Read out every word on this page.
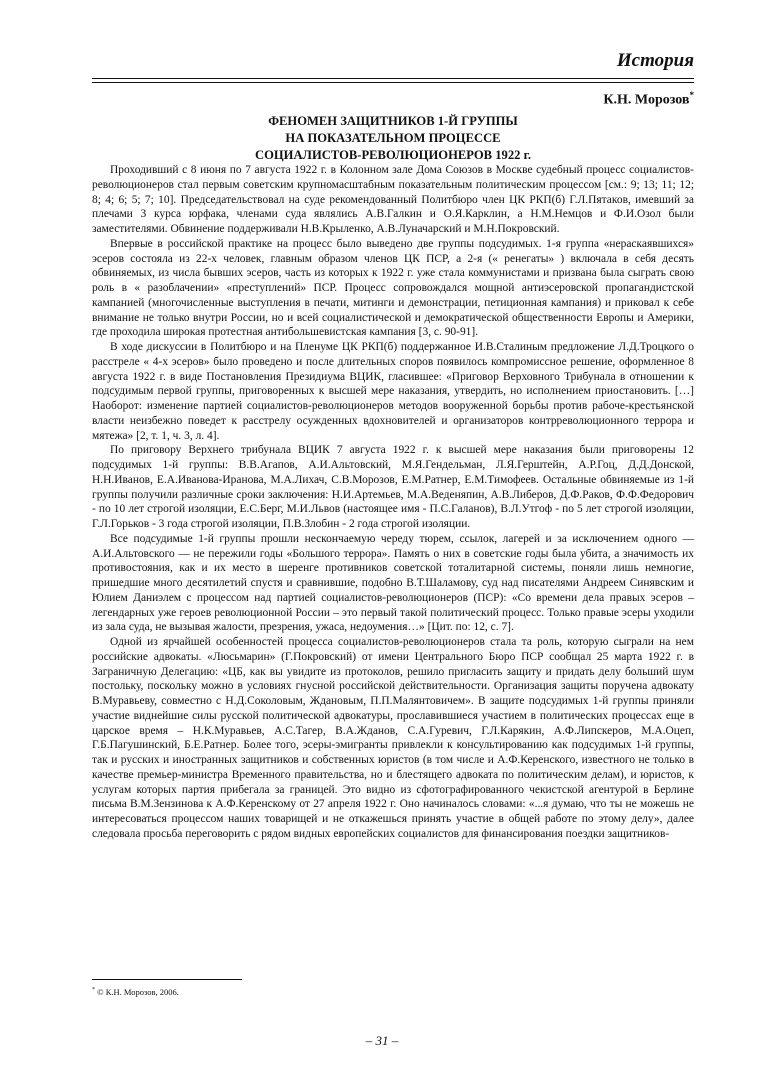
История
К.Н. Морозов*
ФЕНОМЕН ЗАЩИТНИКОВ 1-Й ГРУППЫ
НА ПОКАЗАТЕЛЬНОМ ПРОЦЕССЕ
СОЦИАЛИСТОВ-РЕВОЛЮЦИОНЕРОВ 1922 г.

Проходивший с 8 июня по 7 августа 1922 г. в Колонном зале Дома Союзов в Москве судебный процесс социалистов-революционеров стал первым советским крупномасштабным показательным политическим процессом [см.: 9; 13; 11; 12; 8; 4; 6; 5; 7; 10]. Председательствовал на суде рекомендованный Политбюро член ЦК РКП(б) Г.Л.Пятаков, имевший за плечами 3 курса юрфака, членами суда являлись А.В.Галкин и О.Я.Карклин, а Н.М.Немцов и Ф.И.Озол были заместителями. Обвинение поддерживали Н.В.Крыленко, А.В.Луначарский и М.Н.Покровский.

Впервые в российской практике на процесс было выведено две группы подсудимых. 1-я группа «нераскаявшихся» эсеров состояла из 22-х человек, главным образом членов ЦК ПСР, а 2-я (« ренегаты» ) включала в себя десять обвиняемых, из числа бывших эсеров, часть из которых к 1922 г. уже стала коммунистами и призвана была сыграть свою роль в « разоблачении» «преступлений» ПСР. Процесс сопровождался мощной антиэсеровской пропагандистской кампанией (многочисленные выступления в печати, митинги и демонстрации, петиционная кампания) и приковал к себе внимание не только внутри России, но и всей социалистической и демократической общественности Европы и Америки, где проходила широкая протестная антибольшевистская кампания [3, с. 90-91].

В ходе дискуссии в Политбюро и на Пленуме ЦК РКП(б) поддержанное И.В.Сталиным предложение Л.Д.Троцкого о расстреле « 4-х эсеров» было проведено и после длительных споров появилось компромиссное решение, оформленное 8 августа 1922 г. в виде Постановления Президиума ВЦИК, гласившее: «Приговор Верховного Трибунала в отношении к подсудимым первой группы, приговоренных к высшей мере наказания, утвердить, но исполнением приостановить. […] Наоборот: изменение партией социалистов-революционеров методов вооруженной борьбы против рабоче-крестьянской власти неизбежно поведет к расстрелу осужденных вдохновителей и организаторов контрреволюционного террора и мятежа» [2, т. 1, ч. 3, л. 4].

По приговору Верхнего трибунала ВЦИК 7 августа 1922 г. к высшей мере наказания были приговорены 12 подсудимых 1-й группы: В.В.Агапов, А.И.Альтовский, М.Я.Гендельман, Л.Я.Герштейн, А.Р.Гоц, Д.Д.Донской, Н.Н.Иванов, Е.А.Иванова-Иранова, М.А.Лихач, С.В.Морозов, Е.М.Ратнер, Е.М.Тимофеев. Остальные обвиняемые из 1-й группы получили различные сроки заключения: Н.И.Артемьев, М.А.Веденяпин, А.В.Либеров, Д.Ф.Раков, Ф.Ф.Федорович - по 10 лет строгой изоляции, Е.С.Берг, М.И.Львов (настоящее имя - П.С.Галанов), В.Л.Утгоф - по 5 лет строгой изоляции, Г.Л.Горьков - 3 года строгой изоляции, П.В.Злобин - 2 года строгой изоляции.

Все подсудимые 1-й группы прошли нескончаемую череду тюрем, ссылок, лагерей и за исключением одного — А.И.Альтовского — не пережили годы «Большого террора». Память о них в советские годы была убита, а значимость их противостояния, как и их место в шеренге противников советской тоталитарной системы, поняли лишь немногие, пришедшие много десятилетий спустя и сравнившие, подобно В.Т.Шаламову, суд над писателями Андреем Синявским и Юлием Даниэлем с процессом над партией социалистов-революционеров (ПСР): «Со времени дела правых эсеров – легендарных уже героев революционной России – это первый такой политический процесс. Только правые эсеры уходили из зала суда, не вызывая жалости, презрения, ужаса, недоумения…» [Цит. по: 12, с. 7].

Одной из ярчайшей особенностей процесса социалистов-революционеров стала та роль, которую сыграли на нем российские адвокаты. «Люсьмарин» (Г.Покровский) от имени Центрального Бюро ПСР сообщал 25 марта 1922 г. в Заграничную Делегацию: «ЦБ, как вы увидите из протоколов, решило пригласить защиту и придать делу больший шум постольку, поскольку можно в условиях гнусной российской действительности. Организация защиты поручена адвокату В.Муравьеву, совместно с Н.Д.Соколовым, Ждановым, П.П.Малянтовичем». В защите подсудимых 1-й группы приняли участие виднейшие силы русской политической адвокатуры, прославившиеся участием в политических процессах еще в царское время – Н.К.Муравьев, А.С.Тагер, В.А.Жданов, С.А.Гуревич, Г.Л.Карякин, А.Ф.Липскеров, М.А.Оцеп, Г.Б.Пагушинский, Б.Е.Ратнер. Более того, эсеры-эмигранты привлекли к консультированию как подсудимых 1-й группы, так и русских и иностранных защитников и собственных юристов (в том числе и А.Ф.Керенского, известного не только в качестве премьер-министра Временного правительства, но и блестящего адвоката по политическим делам), и юристов, к услугам которых партия прибегала за границей. Это видно из сфотографированного чекистской агентурой в Берлине письма В.М.Зензинова к А.Ф.Керенскому от 27 апреля 1922 г. Оно начиналось словами: «...я думаю, что ты не можешь не интересоваться процессом наших товарищей и не откажешься принять участие в общей работе по этому делу», далее следовала просьба переговорить с рядом видных европейских социалистов для финансирования поездки защитников-

* © К.Н. Морозов, 2006.
– 31 –
